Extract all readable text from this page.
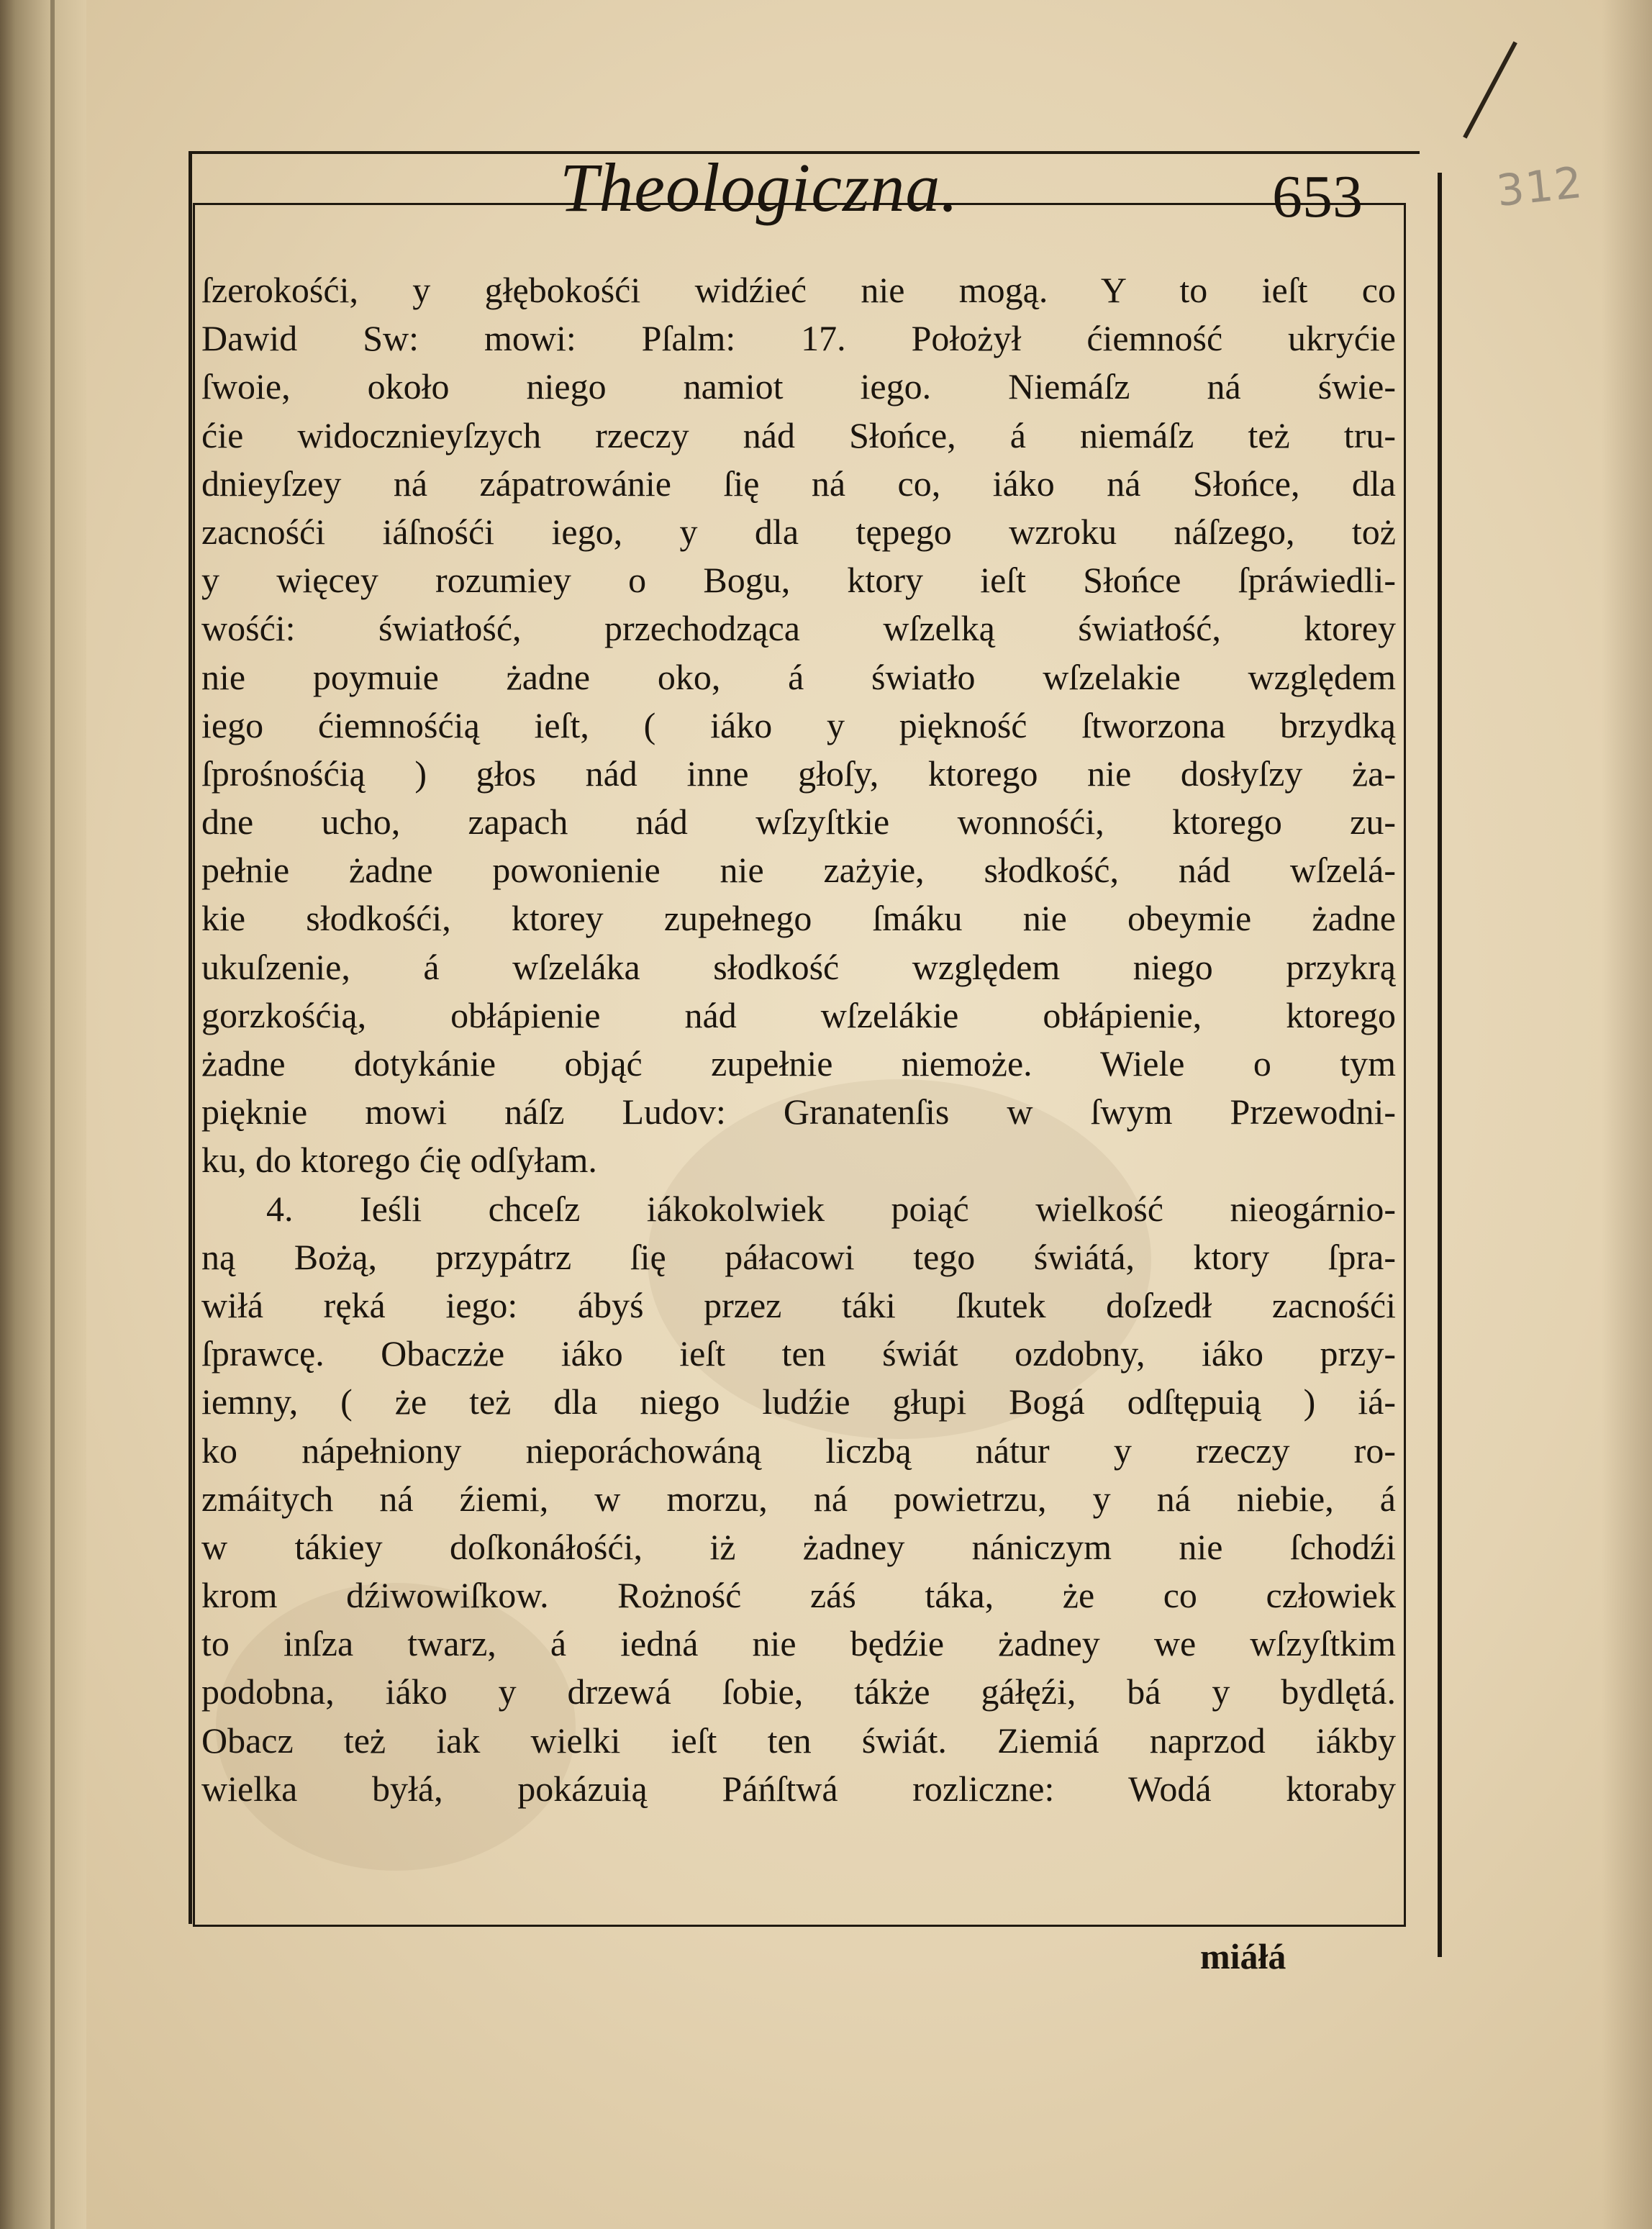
312
Theologiczna.	653
ſzerokośći, y głębokośći widźieć nie mogą. Y to ieſt co
Dawid Sw: mowi: Pſalm: 17. Położył ćiemność ukryćie
ſwoie, około niego namiot iego. Niemáſz ná świe-
ćie widocznieyſzych rzeczy nád Słońce, á niemáſz też tru-
dnieyſzey ná zápatrowánie ſię ná co, iáko ná Słońce, dla
zacnośći iáſnośći iego, y dla tępego wzroku náſzego, toż
y więcey rozumiey o Bogu, ktory ieſt Słońce ſpráwiedli-
wośći: światłość, przechodząca wſzelką światłość, ktorey
nie poymuie żadne oko, á światło wſzelakie względem
iego ćiemnośćią ieſt, ( iáko y piękność ſtworzona brzydką
ſprośnośćią ) głos nád inne głoſy, ktorego nie dosłyſzy ża-
dne ucho, zapach nád wſzyſtkie wonnośći, ktorego zu-
pełnie żadne powonienie nie zażyie, słodkość, nád wſzelá-
kie słodkośći, ktorey zupełnego ſmáku nie obeymie żadne
ukuſzenie, á wſzeláka słodkość względem niego przykrą
gorzkośćią, obłápienie nád wſzelákie obłápienie, ktorego
żadne dotykánie objąć zupełnie niemoże. Wiele o tym
pięknie mowi náſz Ludov: Granatenſis w ſwym Przewodni-
ku, do ktorego ćię odſyłam.
4. Ieśli chceſz iákokolwiek poiąć wielkość nieogárnio-
ną Bożą, przypátrz ſię páłacowi tego świátá, ktory ſpra-
wiłá ręká iego: ábyś przez táki ſkutek doſzedł zacnośći
ſprawcę. Obaczże iáko ieſt ten świát ozdobny, iáko przy-
iemny, ( że też dla niego ludźie głupi Bogá odſtępuią ) iá-
ko nápełniony nieporáchowáną liczbą nátur y rzeczy ro-
zmáitych ná źiemi, w morzu, ná powietrzu, y ná niebie, á
w tákiey doſkonáłośći, iż żadney nániczym nie ſchodźi
krom dźiwowiſkow. Rożność záś táka, że co człowiek
to inſza twarz, á iedná nie będźie żadney we wſzyſtkim
podobna, iáko y drzewá ſobie, tákże gáłęźi, bá y bydlętá.
Obacz też iak wielki ieſt ten świát. Ziemiá naprzod iákby
wielka byłá, pokázuią Páńſtwá rozliczne: Wodá ktoraby
miáłá
